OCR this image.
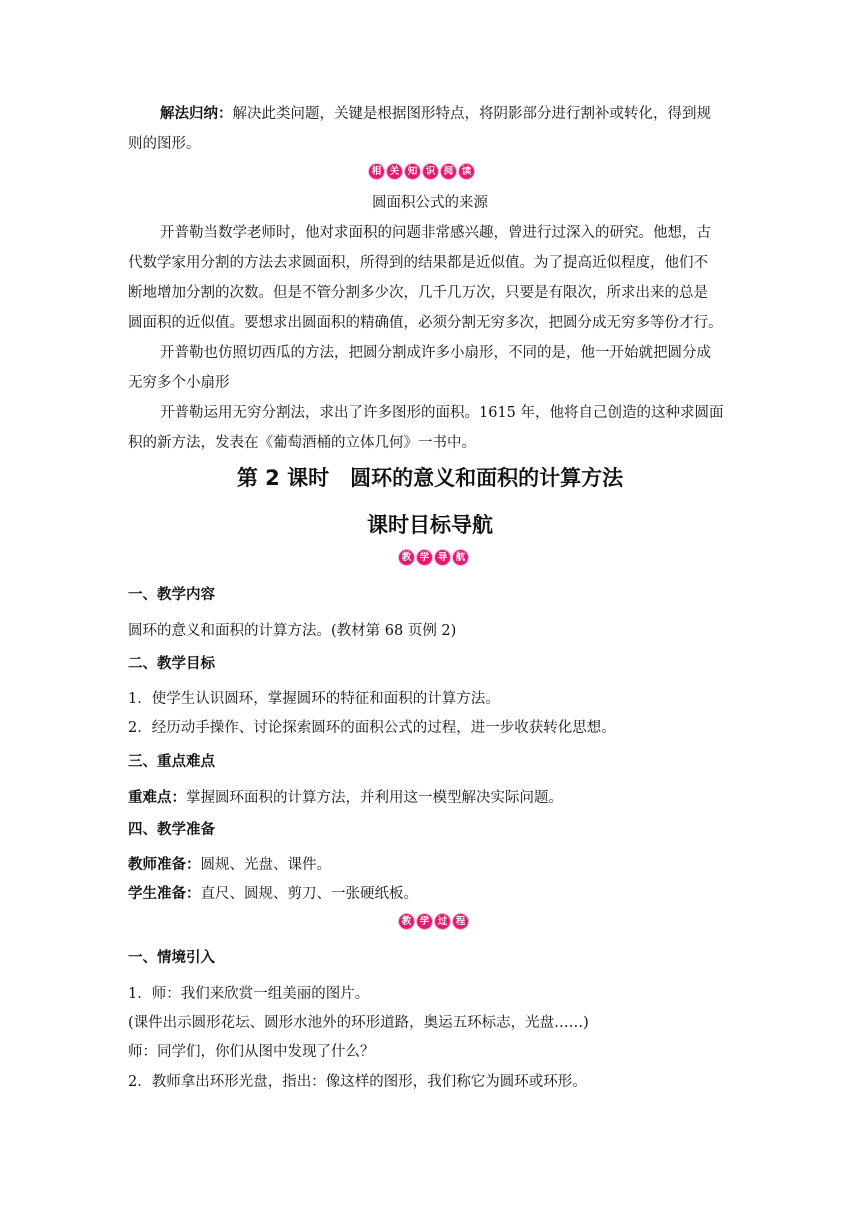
解法归纳：解决此类问题，关键是根据图形特点，将阴影部分进行割补或转化，得到规
则的图形。
相 关 知 识 阅 读
圆面积公式的来源
开普勒当数学老师时，他对求面积的问题非常感兴趣，曾进行过深入的研究。他想，古
代数学家用分割的方法去求圆面积，所得到的结果都是近似值。为了提高近似程度，他们不
断地增加分割的次数。但是不管分割多少次，几千几万次，只要是有限次，所求出来的总是
圆面积的近似值。要想求出圆面积的精确值，必须分割无穷多次，把圆分成无穷多等份才行。
开普勒也仿照切西瓜的方法，把圆分割成许多小扇形，不同的是，他一开始就把圆分成
无穷多个小扇形
开普勒运用无穷分割法，求出了许多图形的面积。1615 年，他将自己创造的这种求圆面
积的新方法，发表在《葡萄酒桶的立体几何》一书中。
第 2 课时　圆环的意义和面积的计算方法
课时目标导航
教 学 导 航
一、教学内容
圆环的意义和面积的计算方法。(教材第 68 页例 2)
二、教学目标
1．使学生认识圆环，掌握圆环的特征和面积的计算方法。
2．经历动手操作、讨论探索圆环的面积公式的过程，进一步收获转化思想。
三、重点难点
重难点：掌握圆环面积的计算方法，并利用这一模型解决实际问题。
四、教学准备
教师准备：圆规、光盘、课件。
学生准备：直尺、圆规、剪刀、一张硬纸板。
教 学 过 程
一、情境引入
1．师：我们来欣赏一组美丽的图片。
(课件出示圆形花坛、圆形水池外的环形道路，奥运五环标志，光盘……)
师：同学们，你们从图中发现了什么？
2．教师拿出环形光盘，指出：像这样的图形，我们称它为圆环或环形。
